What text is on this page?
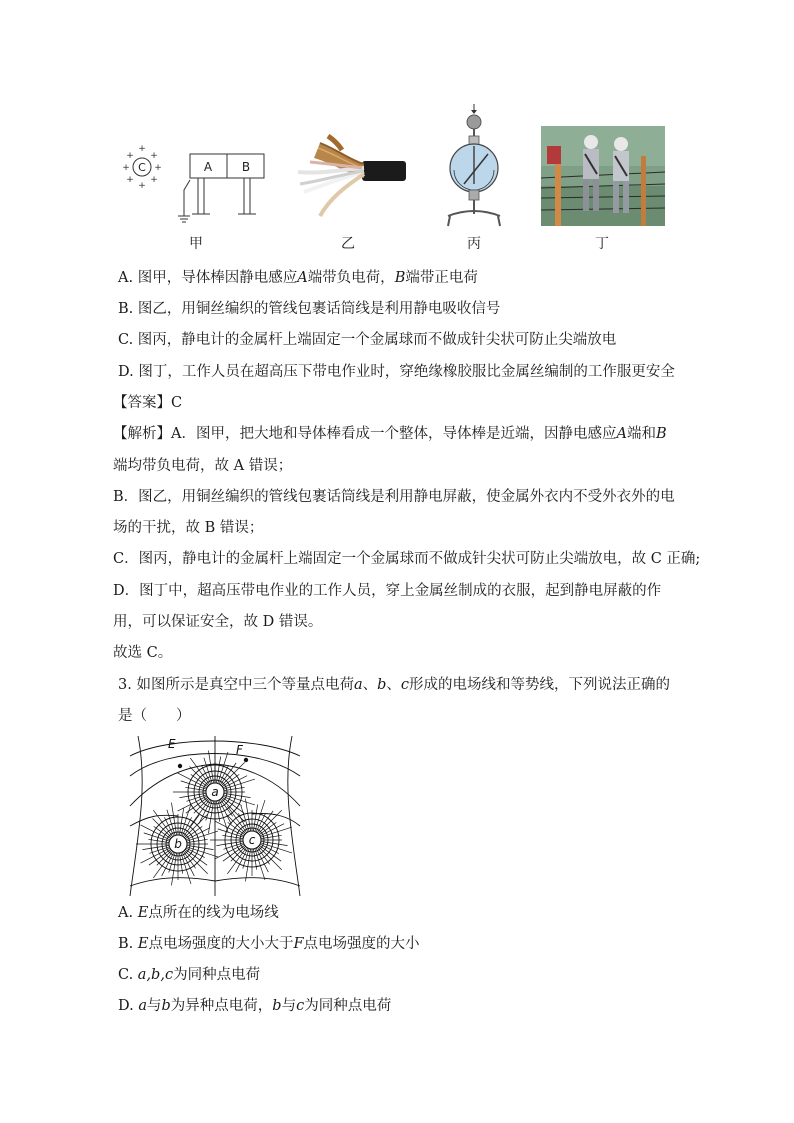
C
+
+
+	+
+ +
+ +
A B
甲	乙	丙	丁
A. 图甲，导体棒因静电感应A端带负电荷，B端带正电荷
B. 图乙，用铜丝编织的管线包裹话筒线是利用静电吸收信号
C. 图丙，静电计的金属杆上端固定一个金属球而不做成针尖状可防止尖端放电
D. 图丁，工作人员在超高压下带电作业时，穿绝缘橡胶服比金属丝编制的工作服更安全
【答案】C
【解析】A．图甲，把大地和导体棒看成一个整体，导体棒是近端，因静电感应A端和B
端均带负电荷，故 A 错误；
B．图乙，用铜丝编织的管线包裹话筒线是利用静电屏蔽，使金属外衣内不受外衣外的电
场的干扰，故 B 错误；
C．图丙，静电计的金属杆上端固定一个金属球而不做成针尖状可防止尖端放电，故 C 正确;
D．图丁中，超高压带电作业的工作人员，穿上金属丝制成的衣服，起到静电屏蔽的作
用，可以保证安全，故 D 错误。
故选 C。
3. 如图所示是真空中三个等量点电荷a、b、c形成的电场线和等势线，下列说法正确的
是（　　）
E	F
a
b	c
A. E点所在的线为电场线
B. E点电场强度的大小大于F点电场强度的大小
C. a,b,c为同种点电荷
D. a与b为异种点电荷，b与c为同种点电荷
